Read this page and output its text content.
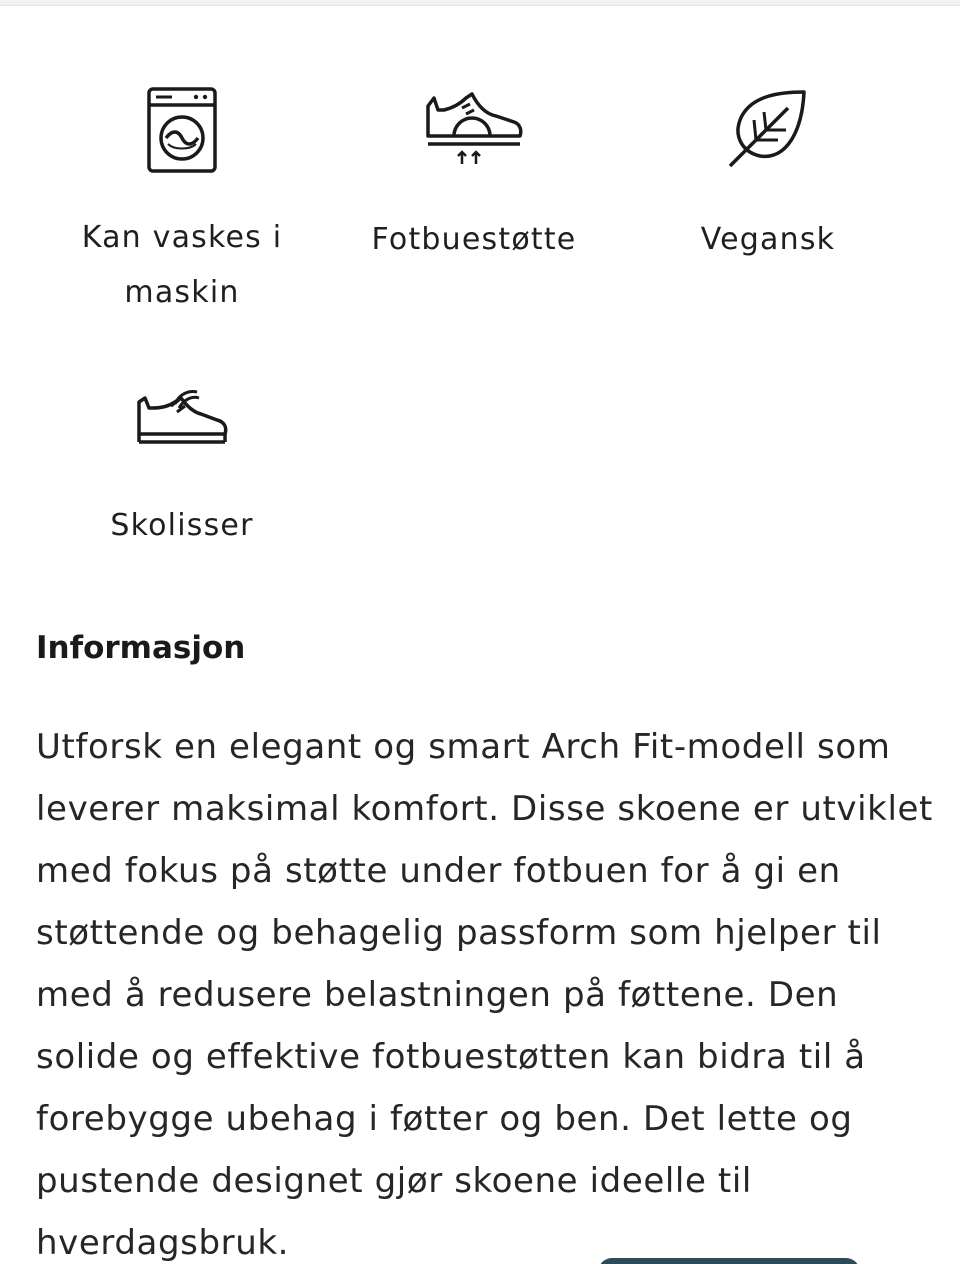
Kan vaskes i maskin
Fotbuestøtte	Vegansk
Skolisser
Informasjon

Utforsk en elegant og smart Arch Fit-modell som leverer maksimal komfort. Disse skoene er utviklet med fokus på støtte under fotbuen for å gi en støttende og behagelig passform som hjelper til med å redusere belastningen på føttene. Den solide og effektive fotbuestøtten kan bidra til å forebygge ubehag i føtter og ben. Det lette og pustende designet gjør skoene ideelle til hverdagsbruk.
